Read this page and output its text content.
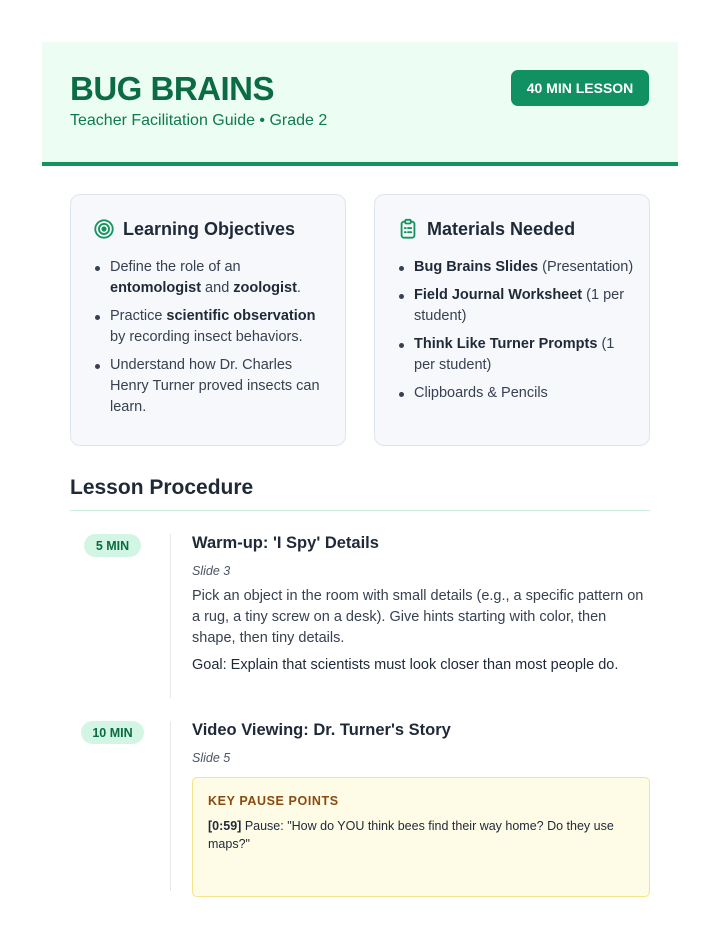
BUG BRAINS
Teacher Facilitation Guide • Grade 2
40 MIN LESSON
Learning Objectives
Define the role of an entomologist and zoologist.
Practice scientific observation by recording insect behaviors.
Understand how Dr. Charles Henry Turner proved insects can learn.
Materials Needed
Bug Brains Slides (Presentation)
Field Journal Worksheet (1 per student)
Think Like Turner Prompts (1 per student)
Clipboards & Pencils
Lesson Procedure
5 MIN	Warm-up: 'I Spy' Details
Slide 3
Pick an object in the room with small details (e.g., a specific pattern on a rug, a tiny screw on a desk). Give hints starting with color, then shape, then tiny details.
Goal: Explain that scientists must look closer than most people do.
10 MIN	Video Viewing: Dr. Turner's Story
Slide 5
KEY PAUSE POINTS
[0:59] Pause: "How do YOU think bees find their way home? Do they use maps?"
